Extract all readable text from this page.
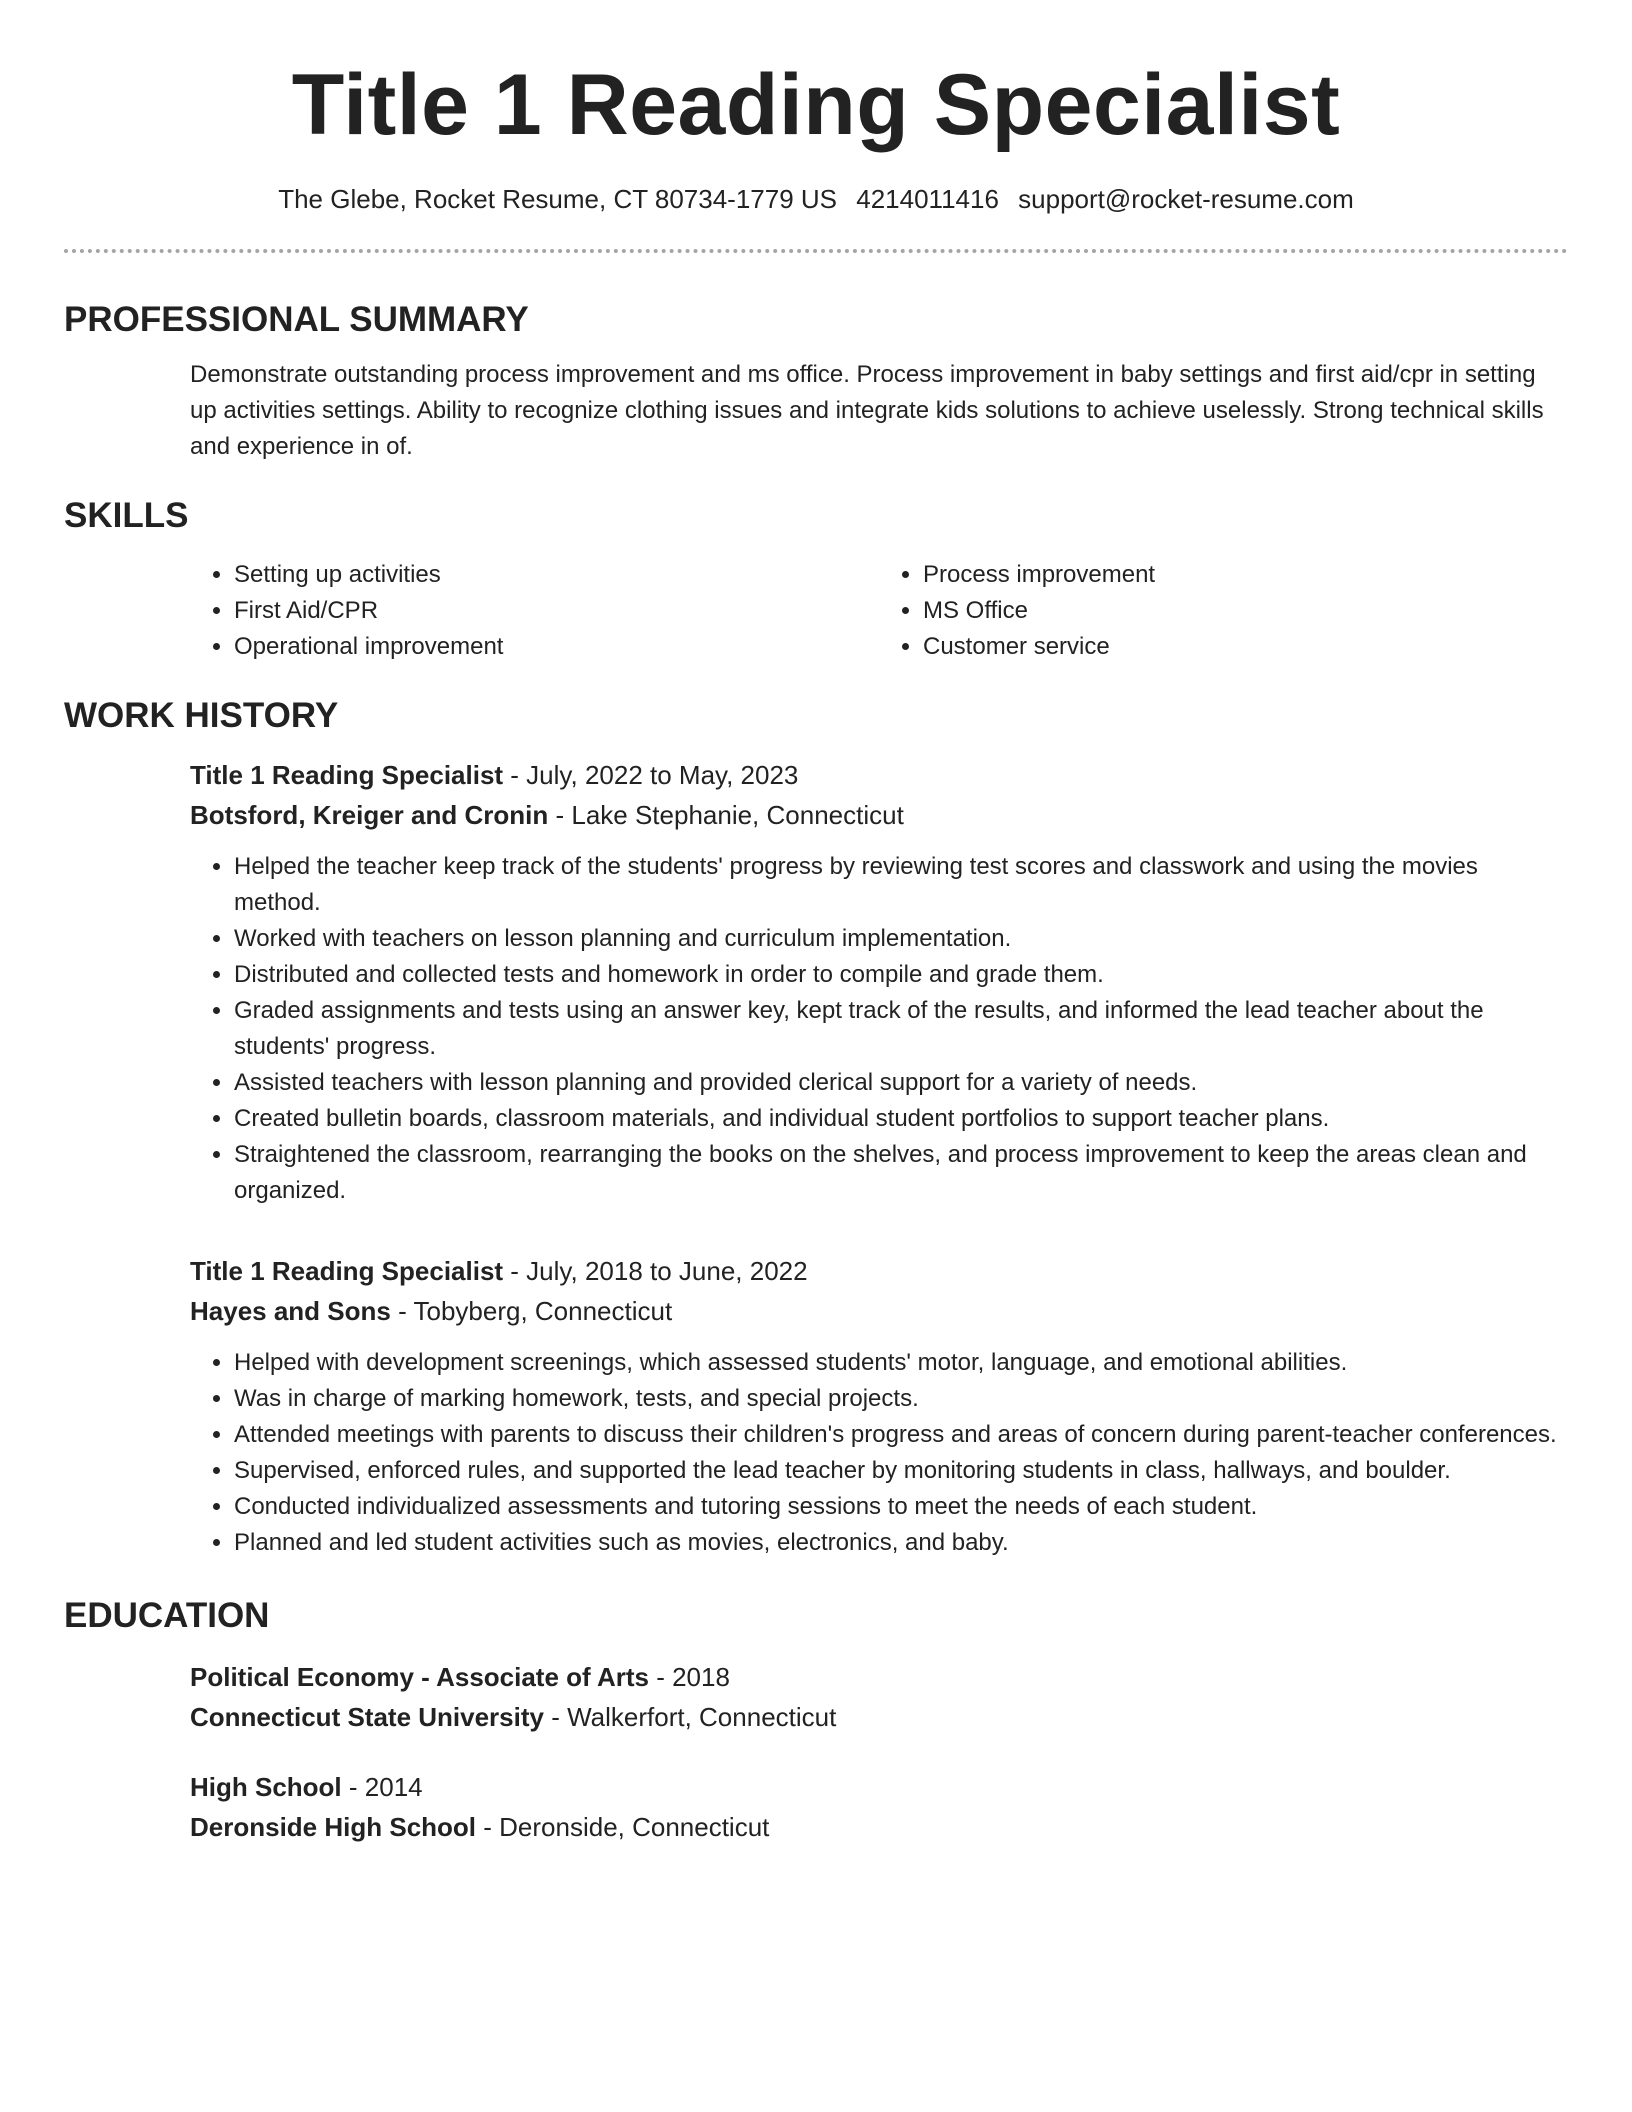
Title 1 Reading Specialist
The Glebe, Rocket Resume, CT 80734-1779 US 4214011416 support@rocket-resume.com
PROFESSIONAL SUMMARY
Demonstrate outstanding process improvement and ms office. Process improvement in baby settings and first aid/cpr in setting up activities settings. Ability to recognize clothing issues and integrate kids solutions to achieve uselessly. Strong technical skills and experience in of.
SKILLS
• Setting up activities
• First Aid/CPR
• Operational improvement
• Process improvement
• MS Office
• Customer service
WORK HISTORY
Title 1 Reading Specialist - July, 2022 to May, 2023
Botsford, Kreiger and Cronin - Lake Stephanie, Connecticut
• Helped the teacher keep track of the students' progress by reviewing test scores and classwork and using the movies method.
• Worked with teachers on lesson planning and curriculum implementation.
• Distributed and collected tests and homework in order to compile and grade them.
• Graded assignments and tests using an answer key, kept track of the results, and informed the lead teacher about the students' progress.
• Assisted teachers with lesson planning and provided clerical support for a variety of needs.
• Created bulletin boards, classroom materials, and individual student portfolios to support teacher plans.
• Straightened the classroom, rearranging the books on the shelves, and process improvement to keep the areas clean and organized.
Title 1 Reading Specialist - July, 2018 to June, 2022
Hayes and Sons - Tobyberg, Connecticut
• Helped with development screenings, which assessed students' motor, language, and emotional abilities.
• Was in charge of marking homework, tests, and special projects.
• Attended meetings with parents to discuss their children's progress and areas of concern during parent-teacher conferences.
• Supervised, enforced rules, and supported the lead teacher by monitoring students in class, hallways, and boulder.
• Conducted individualized assessments and tutoring sessions to meet the needs of each student.
• Planned and led student activities such as movies, electronics, and baby.
EDUCATION
Political Economy - Associate of Arts - 2018
Connecticut State University - Walkerfort, Connecticut
High School - 2014
Deronside High School - Deronside, Connecticut
